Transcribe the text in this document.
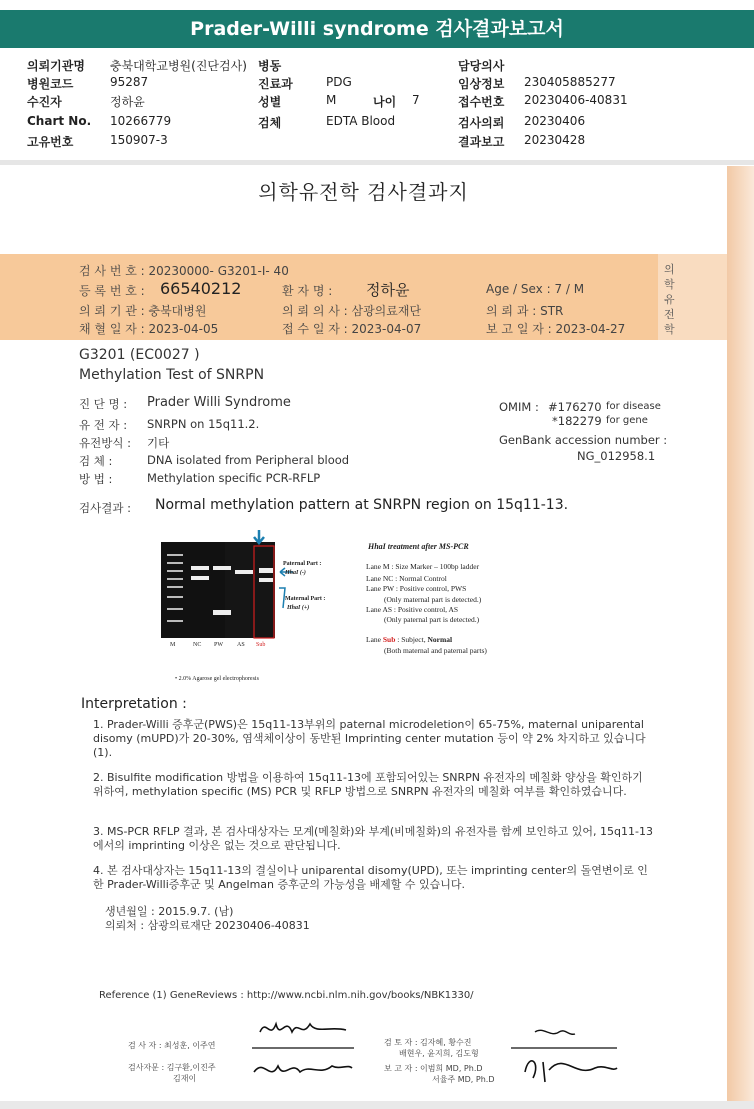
Prader-Willi syndrome 검사결과보고서
의뢰기관명 충북대학교병원(진단검사)
병원코드	95287
수진자	정하윤
Chart No. 10266779
고유번호	150907-3
병동
진료과	PDG
성별	M
검체	EDTA Blood
나이 7
담당의사
임상정보 230405885277
접수번호 20230406-40831
검사의뢰 20230406
결과보고 20230428
의학유전학 검사결과지
검 사 번 호 : 20230000- G3201-I- 40
등 록 번 호 : 66540212	환 자 명 : 정하윤	Age / Sex : 7 / M
의 뢰 기 관 : 충북대병원	의 뢰 의 사 : 삼광의료재단	의 뢰 과 : STR
채 혈 일 자 : 2023-04-05	접 수 일 자 : 2023-04-07	보 고 일 자 : 2023-04-27
의
학
유
전
학
G3201 (EC0027 )
Methylation Test of SNRPN
진 단 명 : Prader Willi Syndrome
유 전 자 : SNRPN on 15q11.2.
유전방식 : 기타
검 체 :	DNA isolated from Peripheral blood
방 법 :	Methylation specific PCR-RFLP
OMIM : #176270 for disease
*182279 for gene
GenBank accession number :
NG_012958.1
검사결과 : Normal methylation pattern at SNRPN region on 15q11-13.
M	NC PW AS Sub
Paternal Part :
HhaI (-)
Maternal Part :
HhaI (+)
• 2.0% Agarose gel electrophoresis
HhaI treatment after MS-PCR
Lane M : Size Marker – 100bp ladder
Lane NC : Normal Control
Lane PW : Positive control, PWS
(Only maternal part is detected.)
Lane AS : Positive control, AS
(Only paternal part is detected.)
Lane Sub : Subject, Normal
(Both maternal and paternal parts)
Interpretation :
1. Prader-Willi 증후군(PWS)은 15q11-13부위의 paternal microdeletion이 65-75%, maternal uniparental disomy (mUPD)가 20-30%, 염색체이상이 동반된 Imprinting center mutation 등이 약 2% 차지하고 있습니다 (1).
2. Bisulfite modification 방법을 이용하여 15q11-13에 포함되어있는 SNRPN 유전자의 메칠화 양상을 확인하기 위하여, methylation specific (MS) PCR 및 RFLP 방법으로 SNRPN 유전자의 메칠화 여부를 확인하였습니다.
3. MS-PCR RFLP 결과, 본 검사대상자는 모계(메칠화)와 부계(비메칠화)의 유전자를 함께 보인하고 있어, 15q11-13에서의 imprinting 이상은 없는 것으로 판단됩니다.
4. 본 검사대상자는 15q11-13의 결실이나 uniparental disomy(UPD), 또는 imprinting center의 돌연변이로 인한 Prader-Willi증후군 및 Angelman 증후군의 가능성을 배제할 수 있습니다.
생년월일 : 2015.9.7. (남)
의뢰처 : 삼광의료재단 20230406-40831
Reference (1) GeneReviews : http://www.ncbi.nlm.nih.gov/books/NBK1330/
검 사 자 : 최성훈, 이주연
검사자문 : 김구환,이진주
김재이
검 토 자 : 김자혜, 황수진
배현우, 윤지희, 김도형
보 고 자 : 이범희 MD, Ph.D
서율주 MD, Ph.D
